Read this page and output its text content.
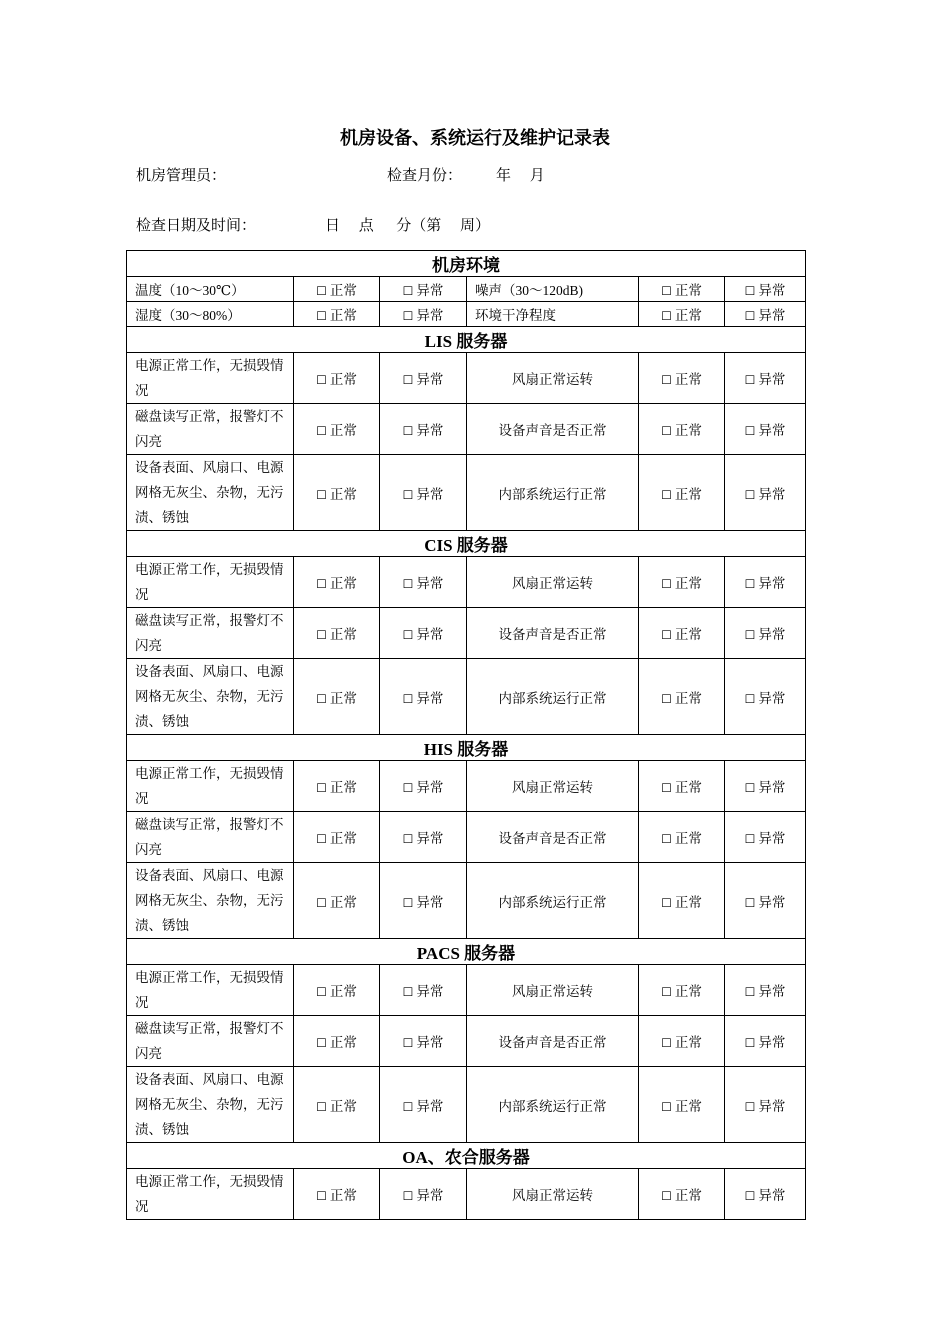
机房设备、系统运行及维护记录表
机房管理员：	检查月份： 年     月
检查日期及时间：	日     点      分（第     周）
机房环境					
温度（10～30℃）	☐ 正常	☐ 异常	噪声（30～120dB)	☐ 正常	☐ 异常
湿度（30～80%）	☐ 正常	☐ 异常	环境干净程度	☐ 正常	☐ 异常
LIS 服务器					
电源正常工作，无损毁情况	☐ 正常	☐ 异常	风扇正常运转	☐ 正常	☐ 异常
磁盘读写正常，报警灯不闪亮	☐ 正常	☐ 异常	设备声音是否正常	☐ 正常	☐ 异常
设备表面、风扇口、电源网格无灰尘、杂物，无污渍、锈蚀	☐ 正常	☐ 异常	内部系统运行正常	☐ 正常	☐ 异常
CIS 服务器					
电源正常工作，无损毁情况	☐ 正常	☐ 异常	风扇正常运转	☐ 正常	☐ 异常
磁盘读写正常，报警灯不闪亮	☐ 正常	☐ 异常	设备声音是否正常	☐ 正常	☐ 异常
设备表面、风扇口、电源网格无灰尘、杂物，无污渍、锈蚀	☐ 正常	☐ 异常	内部系统运行正常	☐ 正常	☐ 异常
HIS 服务器					
电源正常工作，无损毁情况	☐ 正常	☐ 异常	风扇正常运转	☐ 正常	☐ 异常
磁盘读写正常，报警灯不闪亮	☐ 正常	☐ 异常	设备声音是否正常	☐ 正常	☐ 异常
设备表面、风扇口、电源网格无灰尘、杂物，无污渍、锈蚀	☐ 正常	☐ 异常	内部系统运行正常	☐ 正常	☐ 异常
PACS 服务器					
电源正常工作，无损毁情况	☐ 正常	☐ 异常	风扇正常运转	☐ 正常	☐ 异常
磁盘读写正常，报警灯不闪亮	☐ 正常	☐ 异常	设备声音是否正常	☐ 正常	☐ 异常
设备表面、风扇口、电源网格无灰尘、杂物，无污渍、锈蚀	☐ 正常	☐ 异常	内部系统运行正常	☐ 正常	☐ 异常
OA、农合服务器					
电源正常工作，无损毁情况	☐ 正常	☐ 异常	风扇正常运转	☐ 正常	☐ 异常
